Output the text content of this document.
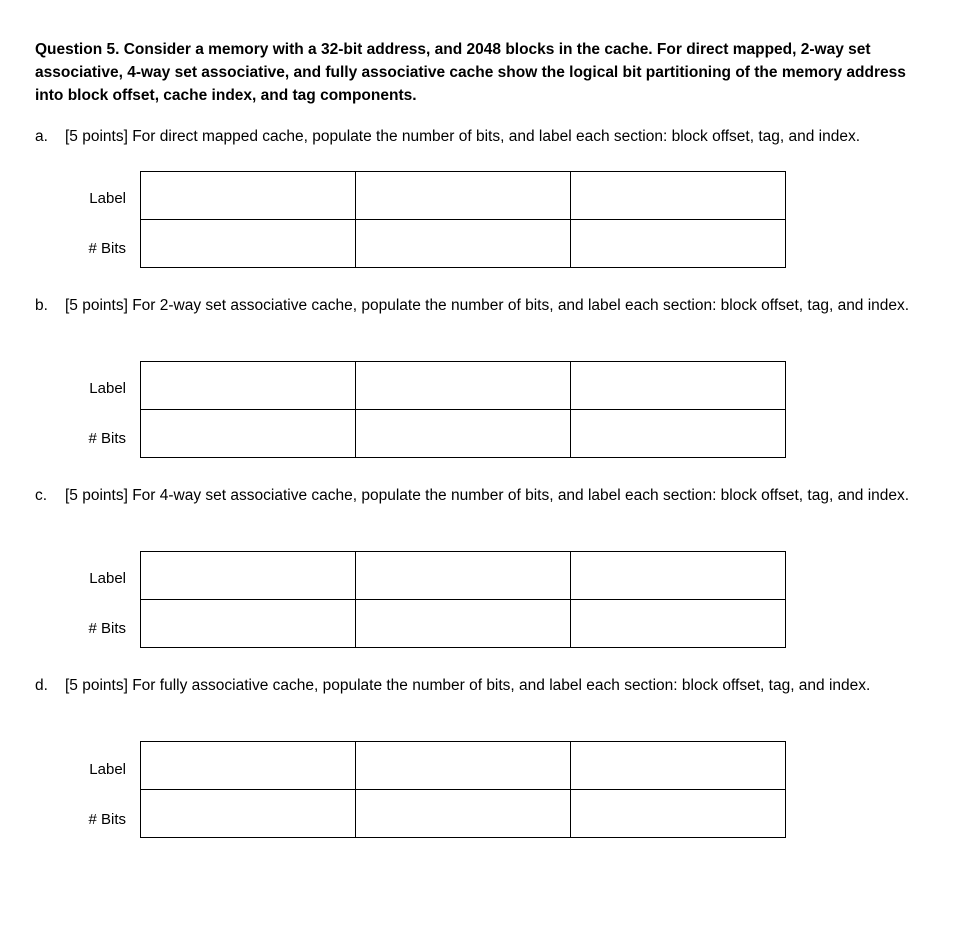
Question 5. Consider a memory with a 32-bit address, and 2048 blocks in the cache. For direct mapped, 2-way set associative, 4-way set associative, and fully associative cache show the logical bit partitioning of the memory address into block offset, cache index, and tag components.
a.	[5 points] For direct mapped cache, populate the number of bits, and label each section: block offset, tag, and index.
Label
# Bits

b.	[5 points] For 2-way set associative cache, populate the number of bits, and label each section: block offset, tag, and index.
Label
# Bits

c.	[5 points] For 4-way set associative cache, populate the number of bits, and label each section: block offset, tag, and index.
Label
# Bits

d.	[5 points] For fully associative cache, populate the number of bits, and label each section: block offset, tag, and index.
Label
# Bits
